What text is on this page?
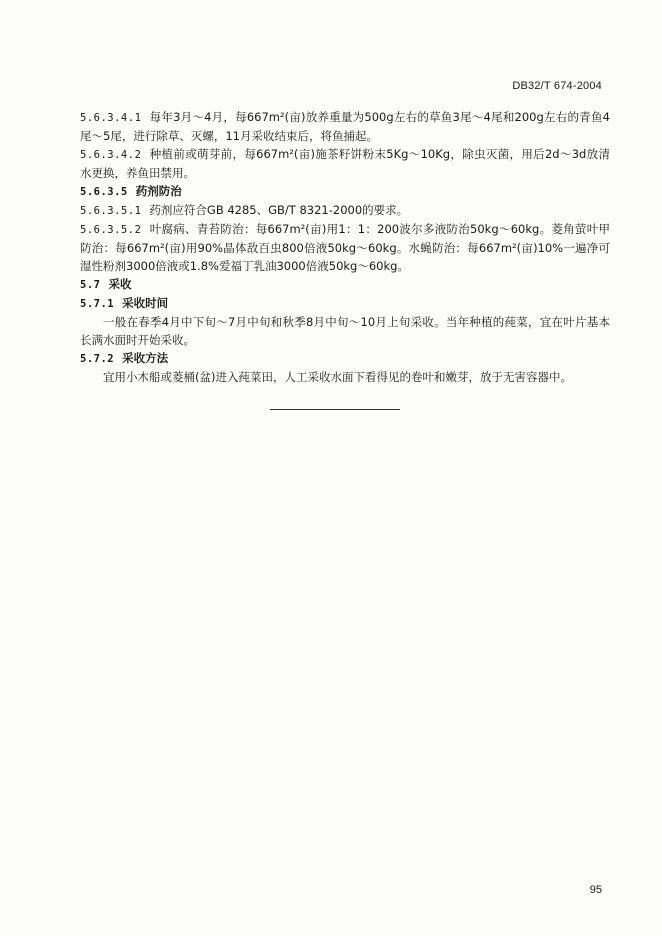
DB32/T 674-2004

5.6.3.4.1 每年3月～4月，每667m²(亩)放养重量为500g左右的草鱼3尾～4尾和200g左右的青鱼4尾～5尾，进行除草、灭螺，11月采收结束后，将鱼捕起。

5.6.3.4.2 种植前或萌芽前，每667m²(亩)施茶籽饼粉末5Kg～10Kg，除虫灭菌，用后2d～3d放清水更换，养鱼田禁用。

5.6.3.5 药剂防治

5.6.3.5.1 药剂应符合GB 4285、GB/T 8321-2000的要求。

5.6.3.5.2 叶腐病、青苔防治：每667m²(亩)用1：1：200波尔多液防治50kg～60kg。菱角萤叶甲防治：每667m²(亩)用90%晶体敌百虫800倍液50kg～60kg。水蝇防治：每667m²(亩)10%一遍净可湿性粉剂3000倍液或1.8%爱福丁乳油3000倍液50kg～60kg。

5.7 采收

5.7.1 采收时间

一般在春季4月中下旬～7月中旬和秋季8月中旬～10月上旬采收。当年种植的莼菜，宜在叶片基本长满水面时开始采收。

5.7.2 采收方法

宜用小木船或菱桶(盆)进入莼菜田，人工采收水面下看得见的卷叶和嫩芽，放于无害容器中。

95
